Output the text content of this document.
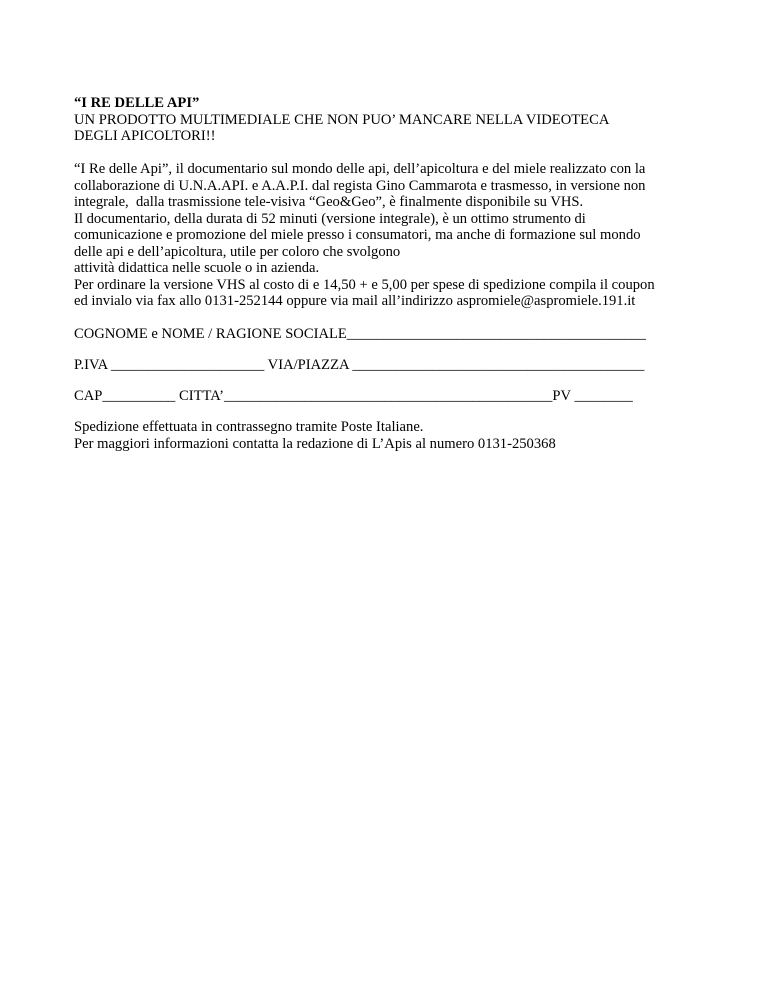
“I RE DELLE API”
UN PRODOTTO MULTIMEDIALE CHE NON PUO’ MANCARE NELLA VIDEOTECA
DEGLI APICOLTORI!!
“I Re delle Api”, il documentario sul mondo delle api, dell’apicoltura e del miele realizzato con la
collaborazione di U.N.A.API. e A.A.P.I. dal regista Gino Cammarota e trasmesso, in versione non
integrale,  dalla trasmissione tele-visiva “Geo&Geo”, è finalmente disponibile su VHS.
Il documentario, della durata di 52 minuti (versione integrale), è un ottimo strumento di
comunicazione e promozione del miele presso i consumatori, ma anche di formazione sul mondo
delle api e dell’apicoltura, utile per coloro che svolgono
attività didattica nelle scuole o in azienda.
Per ordinare la versione VHS al costo di e 14,50 + e 5,00 per spese di spedizione compila il coupon
ed invialo via fax allo 0131-252144 oppure via mail all’indirizzo aspromiele@aspromiele.191.it
COGNOME e NOME / RAGIONE SOCIALE_________________________________________
P.IVA _____________________ VIA/PIAZZA ________________________________________
CAP__________ CITTA’_____________________________________________PV ________
Spedizione effettuata in contrassegno tramite Poste Italiane.
Per maggiori informazioni contatta la redazione di L’Apis al numero 0131-250368
